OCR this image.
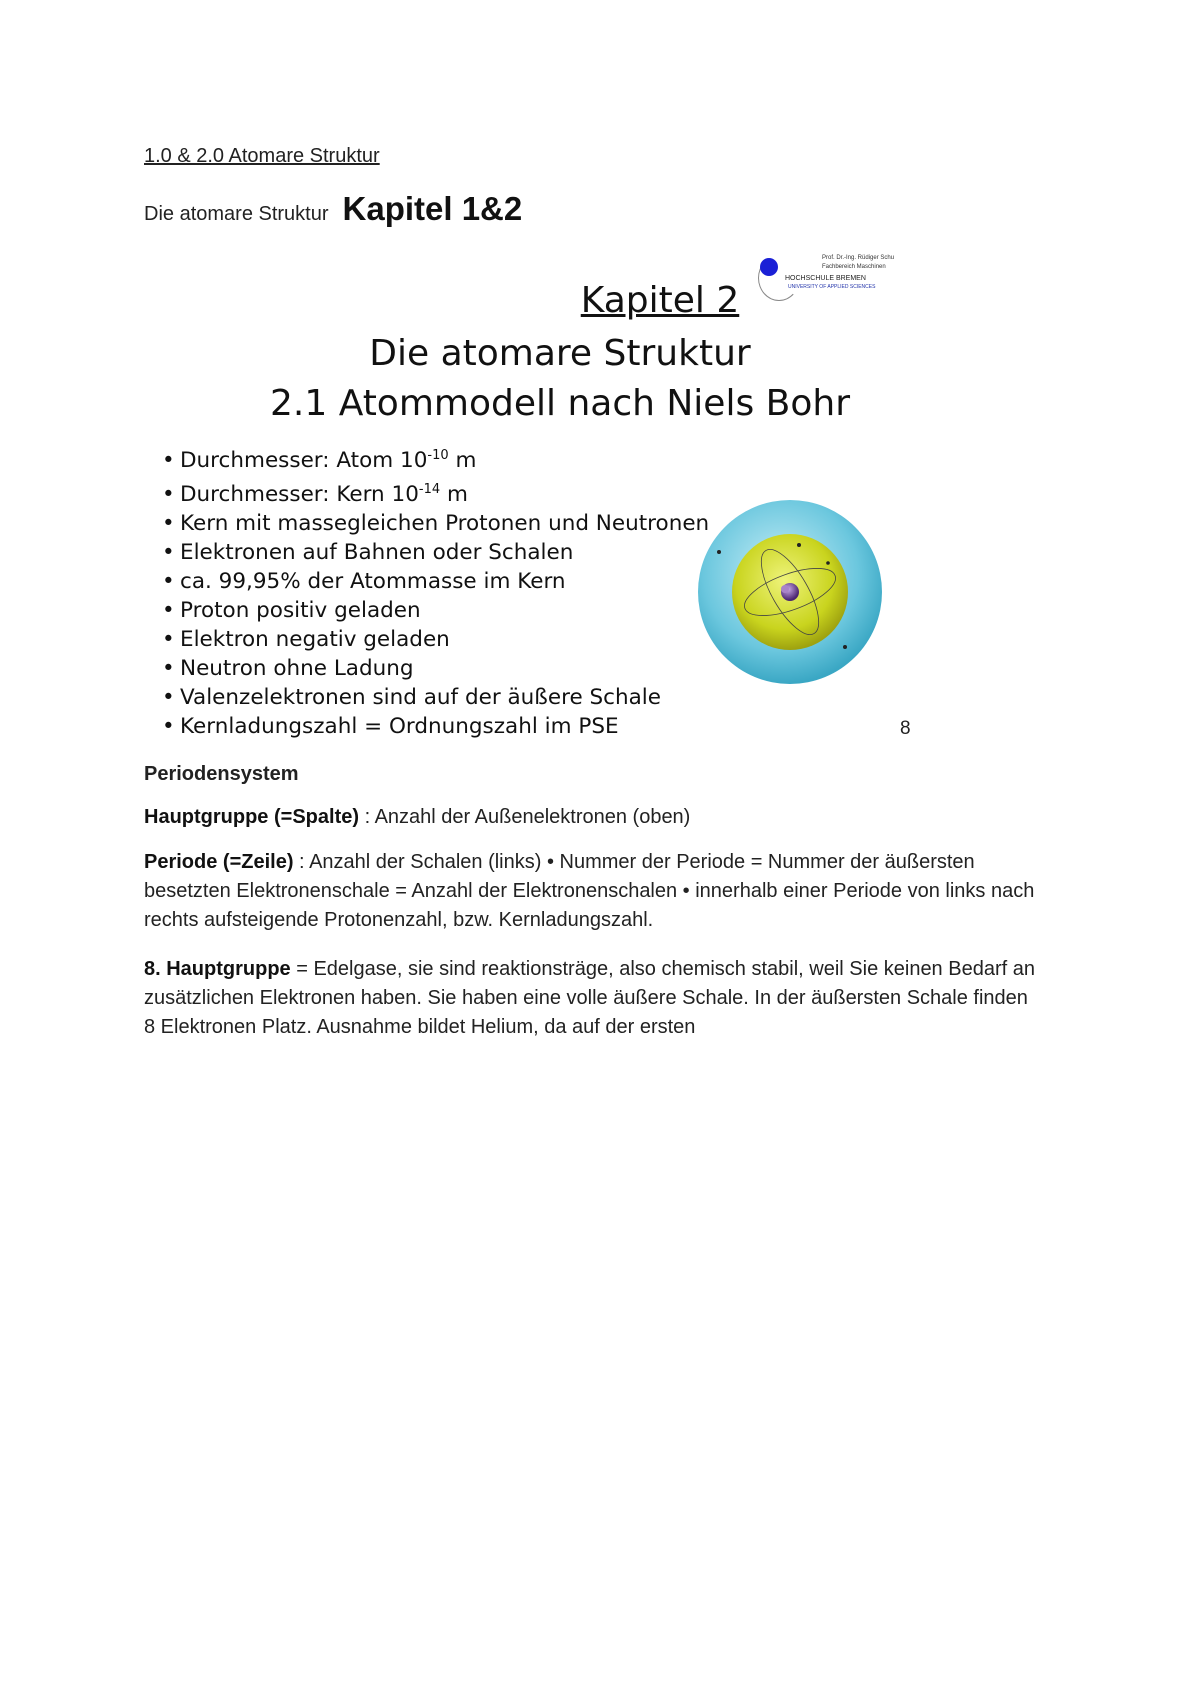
1.0 & 2.0 Atomare Struktur
Die atomare Struktur Kapitel 1&2
Kapitel 2
Die atomare Struktur
2.1 Atommodell nach Niels Bohr
• Durchmesser: Atom $10^{-10}$ m
• Durchmesser: Kern $10^{-14}$ m
• Kern mit massegleichen Protonen und Neutronen
• Elektronen auf Bahnen oder Schalen
• ca. 99,95% der Atommasse im Kern
• Proton positiv geladen
• Elektron negativ geladen
• Neutron ohne Ladung
• Valenzelektronen sind auf der äußere Schale
• Kernladungszahl = Ordnungszahl im PSE
Prof. Dr.-Ing. Rüdiger Schu
Fachbereich Maschinen
HOCHSCHULE BREMEN
UNIVERSITY OF APPLIED SCIENCES
8
Periodensystem
Hauptgruppe (=Spalte) : Anzahl der Außenelektronen (oben)
Periode (=Zeile) : Anzahl der Schalen (links) • Nummer der Periode = Nummer der äußersten besetzten Elektronenschale = Anzahl der Elektronenschalen • innerhalb einer Periode von links nach rechts aufsteigende Protonenzahl, bzw. Kernladungszahl.
8. Hauptgruppe = Edelgase, sie sind reaktionsträge, also chemisch stabil, weil Sie keinen Bedarf an zusätzlichen Elektronen haben. Sie haben eine volle äußere Schale. In der äußersten Schale finden 8 Elektronen Platz. Ausnahme bildet Helium, da auf der ersten
